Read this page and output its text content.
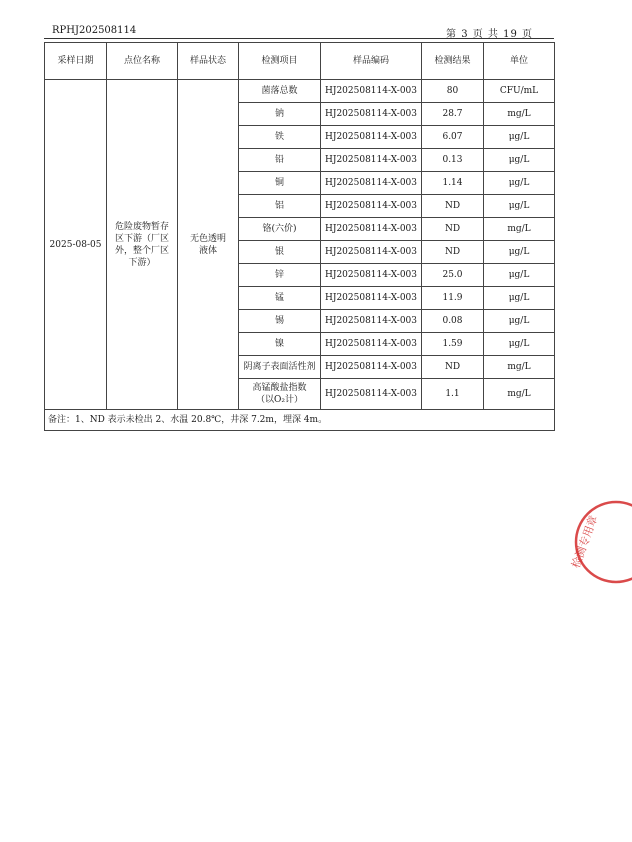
RPHJ202508114	第 3 页 共 19 页
采样日期	点位名称	样品状态	检测项目	样品编码	检测结果	单位
2025-08-05	危险废物暂存区下游（厂区外，整个厂区下游）	无色透明液体	菌落总数	HJ202508114-X-003	80	CFU/mL
			钠	HJ202508114-X-003	28.7	mg/L
			铁	HJ202508114-X-003	6.07	μg/L
			铅	HJ202508114-X-003	0.13	μg/L
			铜	HJ202508114-X-003	1.14	μg/L
			铝	HJ202508114-X-003	ND	μg/L
			铬(六价)	HJ202508114-X-003	ND	mg/L
			银	HJ202508114-X-003	ND	μg/L
			锌	HJ202508114-X-003	25.0	μg/L
			锰	HJ202508114-X-003	11.9	μg/L
			锡	HJ202508114-X-003	0.08	μg/L
			镍	HJ202508114-X-003	1.59	μg/L
			阴离子表面活性剂	HJ202508114-X-003	ND	mg/L
			高锰酸盐指数（以O₂计）	HJ202508114-X-003	1.1	mg/L
备注：1、ND 表示未检出 2、水温 20.8℃，井深 7.2m，埋深 4m。						
检测专用章
